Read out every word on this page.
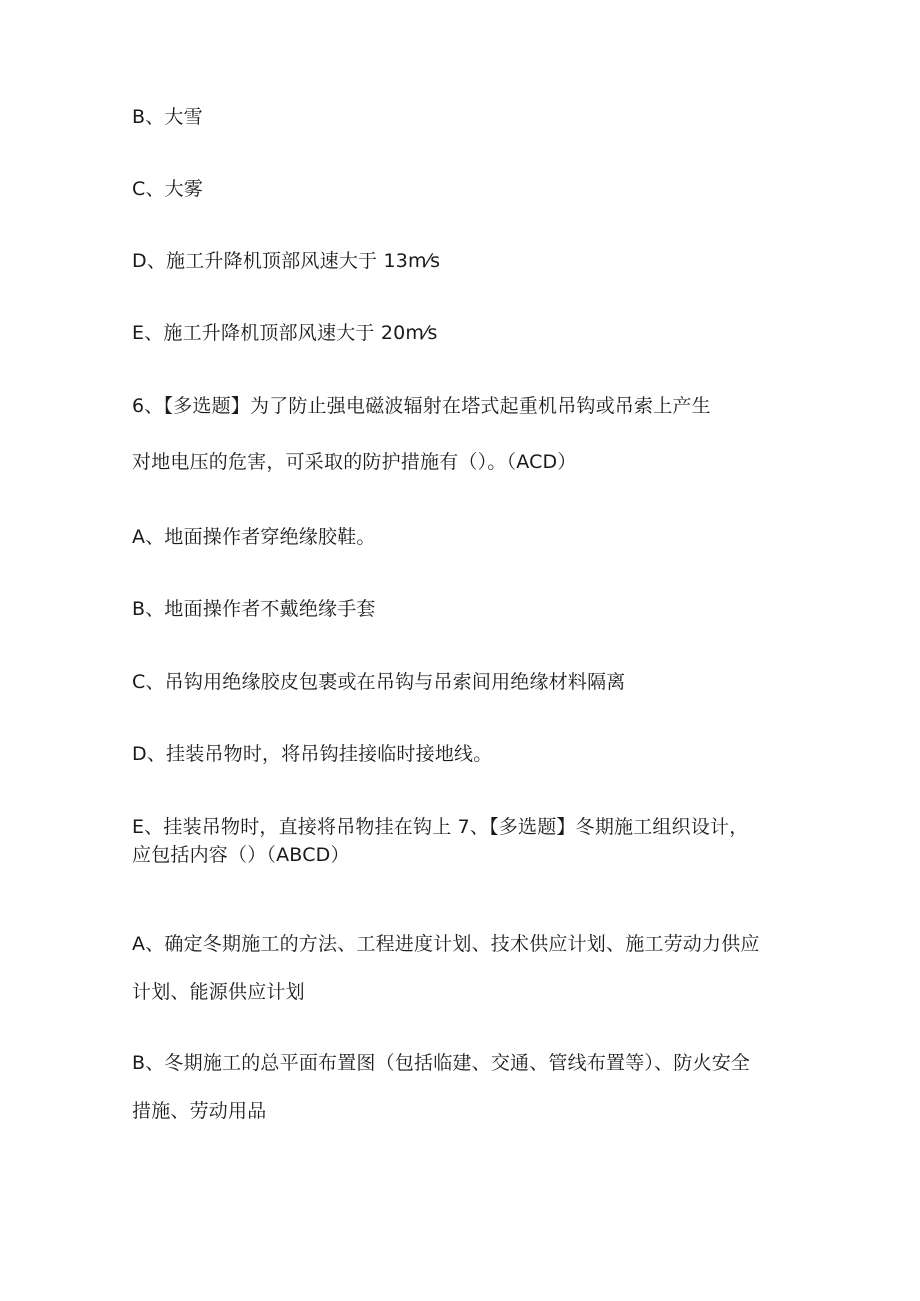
B、大雪
C、大雾
D、施工升降机顶部风速大于 13m⁄s
E、施工升降机顶部风速大于 20m⁄s
6、【多选题】为了防止强电磁波辐射在塔式起重机吊钩或吊索上产生
对地电压的危害，可采取的防护措施有（）。（ACD）
A、地面操作者穿绝缘胶鞋。
B、地面操作者不戴绝缘手套
C、吊钩用绝缘胶皮包裹或在吊钩与吊索间用绝缘材料隔离
D、挂装吊物时，将吊钩挂接临时接地线。
E、挂装吊物时，直接将吊物挂在钩上 7、【多选题】冬期施工组织设计，
应包括内容（）（ABCD）
A、确定冬期施工的方法、工程进度计划、技术供应计划、施工劳动力供应
计划、能源供应计划
B、冬期施工的总平面布置图（包括临建、交通、管线布置等）、防火安全
措施、劳动用品
